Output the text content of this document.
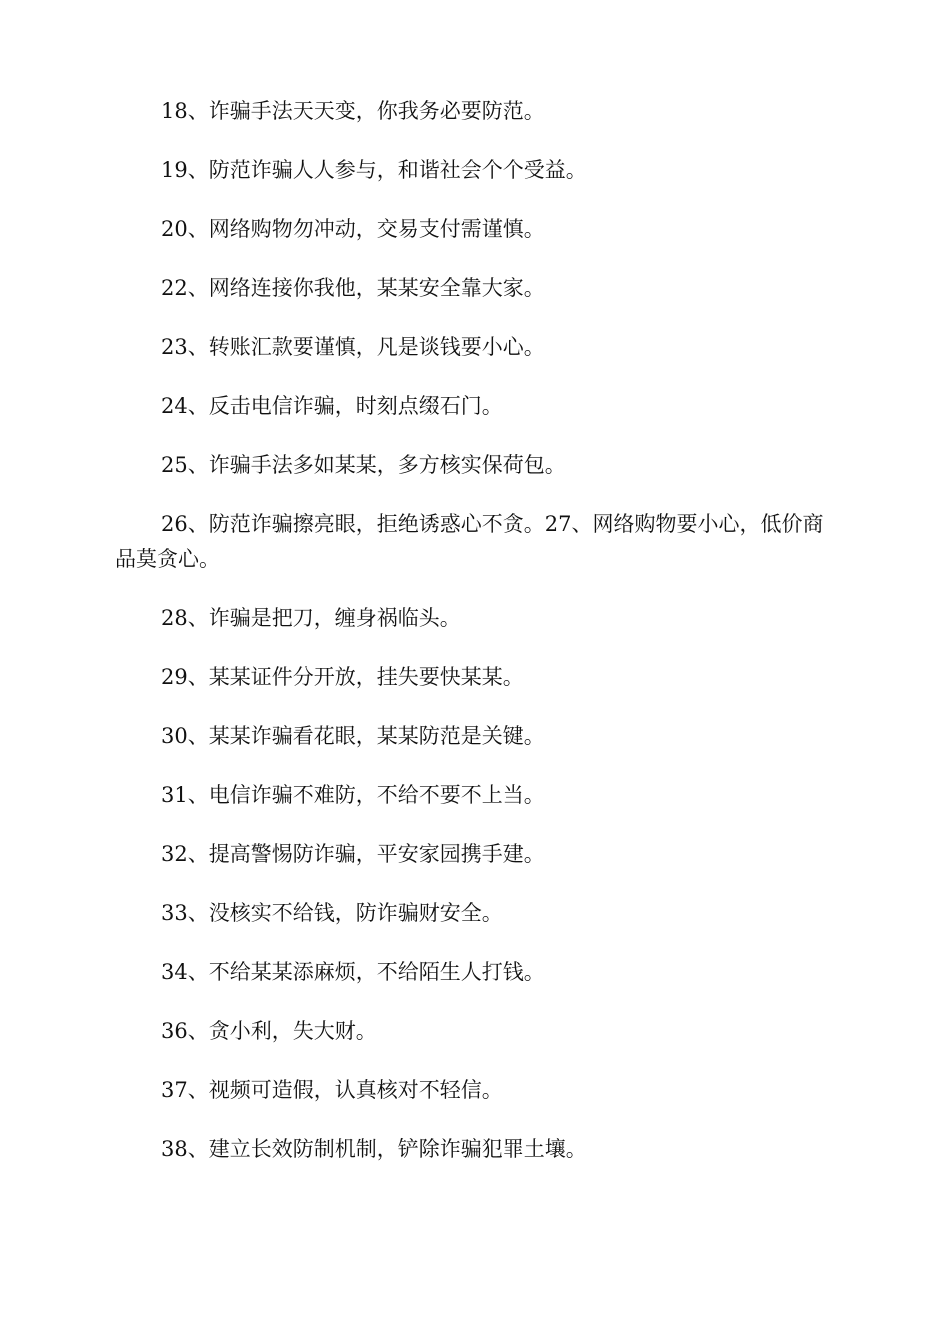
18、诈骗手法天天变，你我务必要防范。

19、防范诈骗人人参与，和谐社会个个受益。

20、网络购物勿冲动，交易支付需谨慎。

22、网络连接你我他，某某安全靠大家。

23、转账汇款要谨慎，凡是谈钱要小心。

24、反击电信诈骗，时刻点缀石门。

25、诈骗手法多如某某，多方核实保荷包。

26、防范诈骗擦亮眼，拒绝诱惑心不贪。27、网络购物要小心，低价商品莫贪心。

28、诈骗是把刀，缠身祸临头。

29、某某证件分开放，挂失要快某某。

30、某某诈骗看花眼，某某防范是关键。

31、电信诈骗不难防，不给不要不上当。

32、提高警惕防诈骗，平安家园携手建。

33、没核实不给钱，防诈骗财安全。

34、不给某某添麻烦，不给陌生人打钱。

36、贪小利，失大财。

37、视频可造假，认真核对不轻信。

38、建立长效防制机制，铲除诈骗犯罪土壤。
